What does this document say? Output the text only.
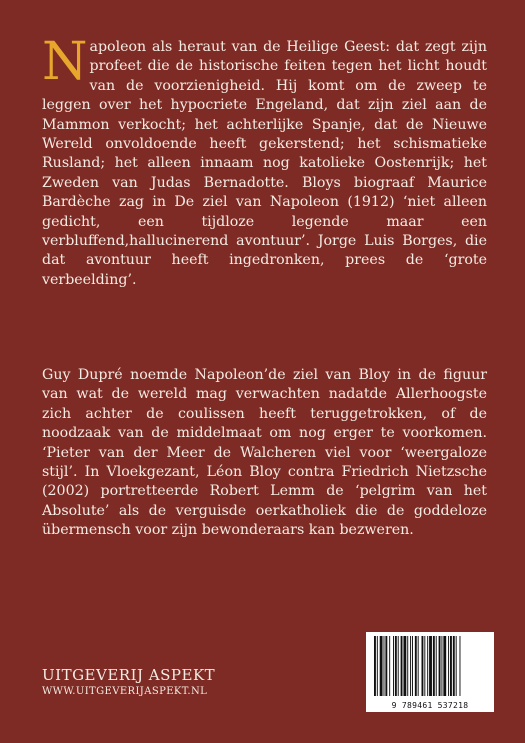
Napoleon als heraut van de Heilige Geest: dat zegt zijn profeet die de historische feiten tegen het licht houdt van de voorzienigheid. Hij komt om de zweep te leggen over het hypocriete Engeland, dat zijn ziel aan de Mammon verkocht; het achterlijke Spanje, dat de Nieuwe Wereld onvoldoende heeft gekerstend; het schismatieke Rusland; het alleen innaam nog katolieke Oostenrijk; het Zweden van Judas Bernadotte. Bloys biograaf Maurice Bardèche zag in De ziel van Napoleon (1912) ‘niet alleen gedicht, een tijdloze legende maar een verbluffend,hallucinerend avontuur’. Jorge Luis Borges, die dat avontuur heeft ingedronken, prees de ‘grote verbeelding’.
Guy Dupré noemde Napoleon’de ziel van Bloy in de figuur van wat de wereld mag verwachten nadatde Allerhoogste zich achter de coulissen heeft teruggetrokken, of de noodzaak van de middelmaat om nog erger te voorkomen. ‘Pieter van der Meer de Walcheren viel voor ‘weergaloze stijl’. In Vloekgezant, Léon Bloy contra Friedrich Nietzsche (2002) portretteerde Robert Lemm de ‘pelgrim van het Absolute’ als de verguisde oerkatholiek die de goddeloze übermensch voor zijn bewonderaars kan bezweren.
UITGEVERIJ ASPEKT
WWW.UITGEVERIJASPEKT.NL
9 789461 537218
